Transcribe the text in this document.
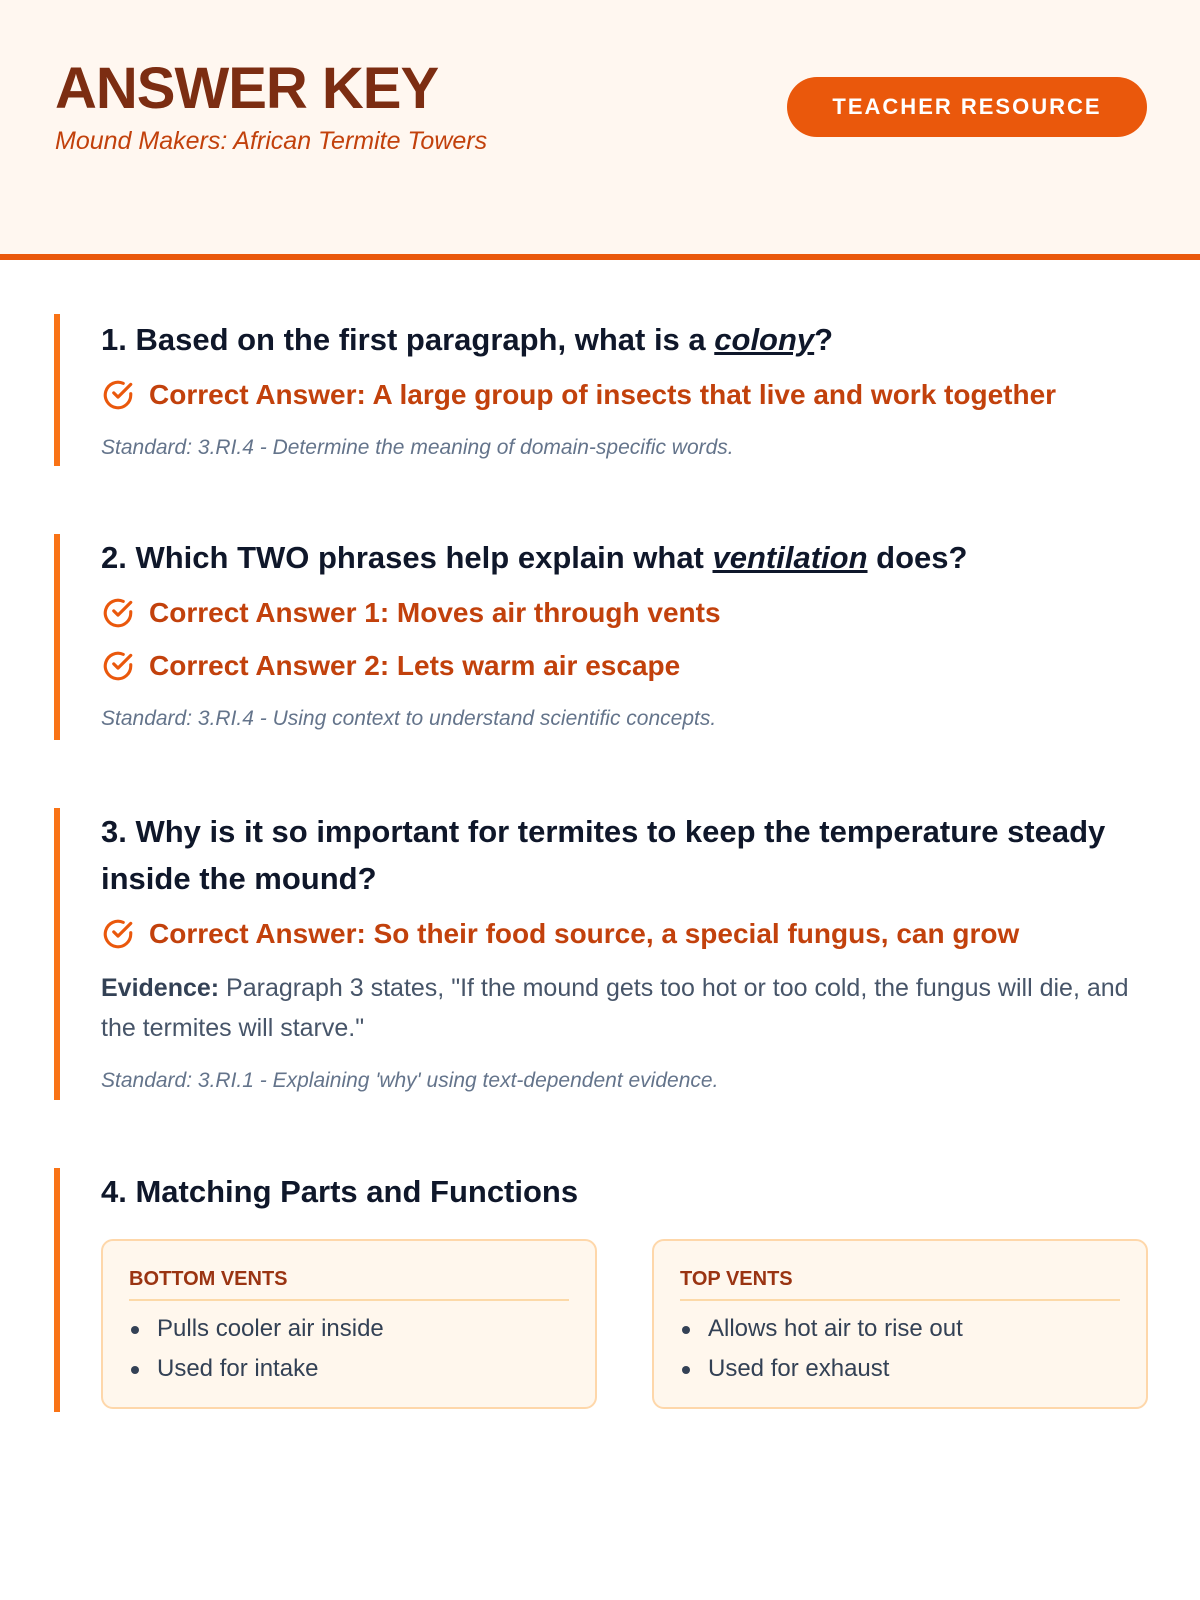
ANSWER KEY
Mound Makers: African Termite Towers
TEACHER RESOURCE
1. Based on the first paragraph, what is a colony?
Correct Answer: A large group of insects that live and work together
Standard: 3.RI.4 - Determine the meaning of domain-specific words.
2. Which TWO phrases help explain what ventilation does?
Correct Answer 1: Moves air through vents
Correct Answer 2: Lets warm air escape
Standard: 3.RI.4 - Using context to understand scientific concepts.
3. Why is it so important for termites to keep the temperature steady inside the mound?
Correct Answer: So their food source, a special fungus, can grow
Evidence: Paragraph 3 states, "If the mound gets too hot or too cold, the fungus will die, and the termites will starve."
Standard: 3.RI.1 - Explaining 'why' using text-dependent evidence.
4. Matching Parts and Functions
BOTTOM VENTS
Pulls cooler air inside
Used for intake
TOP VENTS
Allows hot air to rise out
Used for exhaust
